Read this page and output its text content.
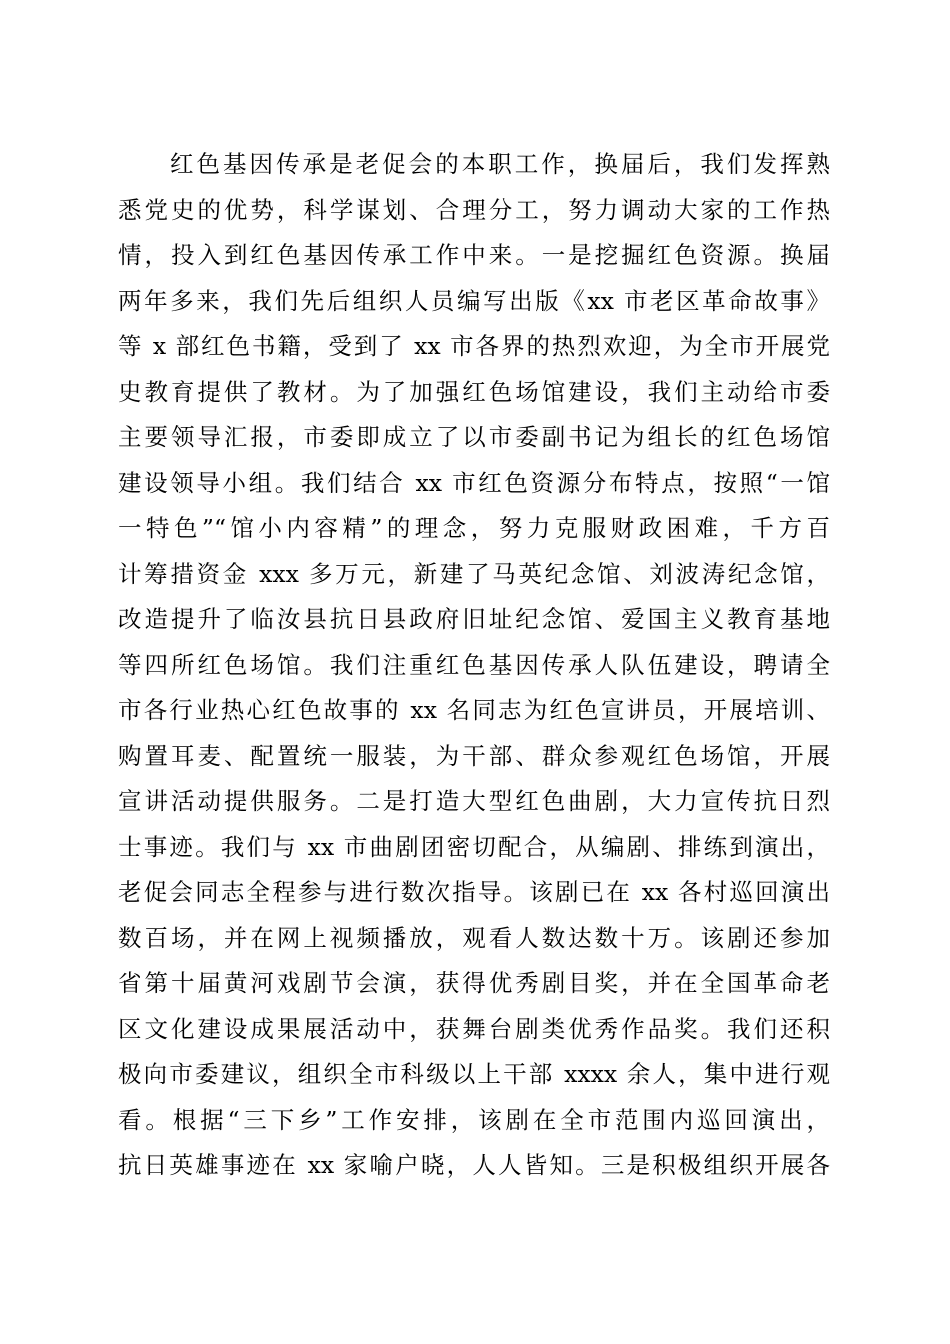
红色基因传承是老促会的本职工作，换届后，我们发挥熟
悉党史的优势，科学谋划、合理分工，努力调动大家的工作热
情，投入到红色基因传承工作中来。一是挖掘红色资源。换届
两年多来，我们先后组织人员编写出版《xx 市老区革命故事》
等 x 部红色书籍，受到了 xx 市各界的热烈欢迎，为全市开展党
史教育提供了教材。为了加强红色场馆建设，我们主动给市委
主要领导汇报，市委即成立了以市委副书记为组长的红色场馆
建设领导小组。我们结合 xx 市红色资源分布特点，按照“一馆
一特色”“馆小内容精”的理念，努力克服财政困难，千方百
计筹措资金 xxx 多万元，新建了马英纪念馆、刘波涛纪念馆，
改造提升了临汝县抗日县政府旧址纪念馆、爱国主义教育基地
等四所红色场馆。我们注重红色基因传承人队伍建设，聘请全
市各行业热心红色故事的 xx 名同志为红色宣讲员，开展培训、
购置耳麦、配置统一服装，为干部、群众参观红色场馆，开展
宣讲活动提供服务。二是打造大型红色曲剧，大力宣传抗日烈
士事迹。我们与 xx 市曲剧团密切配合，从编剧、排练到演出，
老促会同志全程参与进行数次指导。该剧已在 xx 各村巡回演出
数百场，并在网上视频播放，观看人数达数十万。该剧还参加
省第十届黄河戏剧节会演，获得优秀剧目奖，并在全国革命老
区文化建设成果展活动中，获舞台剧类优秀作品奖。我们还积
极向市委建议，组织全市科级以上干部 xxxx 余人，集中进行观
看。根据“三下乡”工作安排，该剧在全市范围内巡回演出，
抗日英雄事迹在 xx 家喻户晓，人人皆知。三是积极组织开展各
